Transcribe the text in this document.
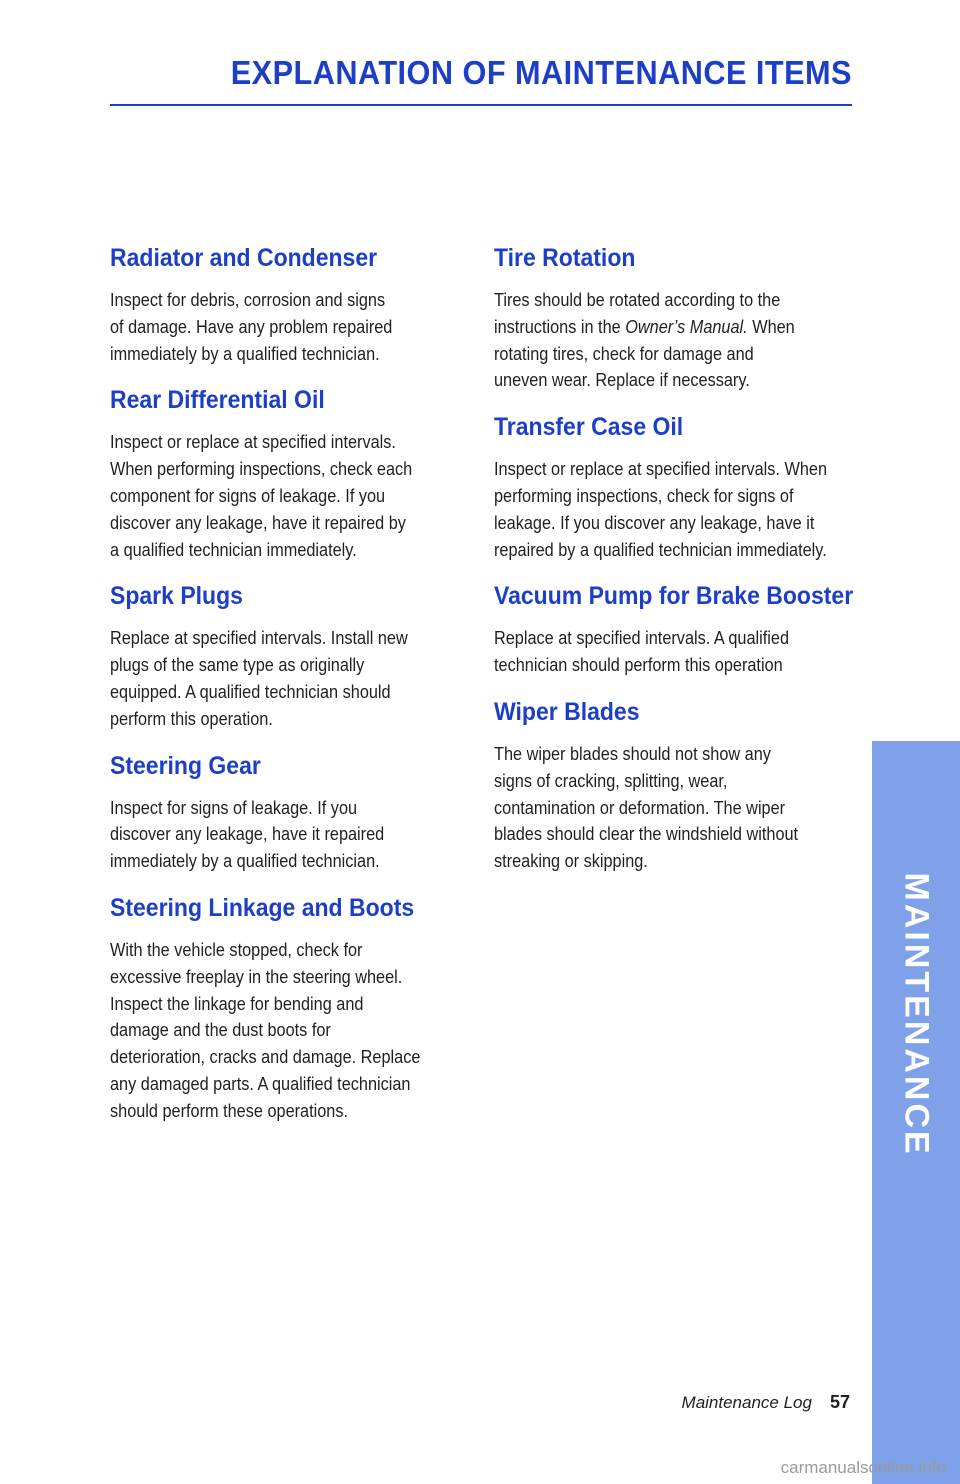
EXPLANATION OF MAINTENANCE ITEMS
Radiator and Condenser

Inspect for debris, corrosion and signs
of damage. Have any problem repaired
immediately by a qualified technician.

Rear Differential Oil

Inspect or replace at specified intervals.
When performing inspections, check each
component for signs of leakage. If you
discover any leakage, have it repaired by
a qualified technician immediately.

Spark Plugs

Replace at specified intervals. Install new
plugs of the same type as originally
equipped. A qualified technician should
perform this operation.

Steering Gear

Inspect for signs of leakage. If you
discover any leakage, have it repaired
immediately by a qualified technician.

Steering Linkage and Boots

With the vehicle stopped, check for
excessive freeplay in the steering wheel.
Inspect the linkage for bending and
damage and the dust boots for
deterioration, cracks and damage. Replace
any damaged parts. A qualified technician
should perform these operations.

Tire Rotation

Tires should be rotated according to the
instructions in the Owner’s Manual. When
rotating tires, check for damage and
uneven wear. Replace if necessary.

Transfer Case Oil

Inspect or replace at specified intervals. When
performing inspections, check for signs of
leakage. If you discover any leakage, have it
repaired by a qualified technician immediately.

Vacuum Pump for Brake Booster

Replace at specified intervals. A qualified
technician should perform this operation

Wiper Blades

The wiper blades should not show any
signs of cracking, splitting, wear,
contamination or deformation. The wiper
blades should clear the windshield without
streaking or skipping.

MAINTENANCE
Maintenance Log 57
carmanualsonline.info
